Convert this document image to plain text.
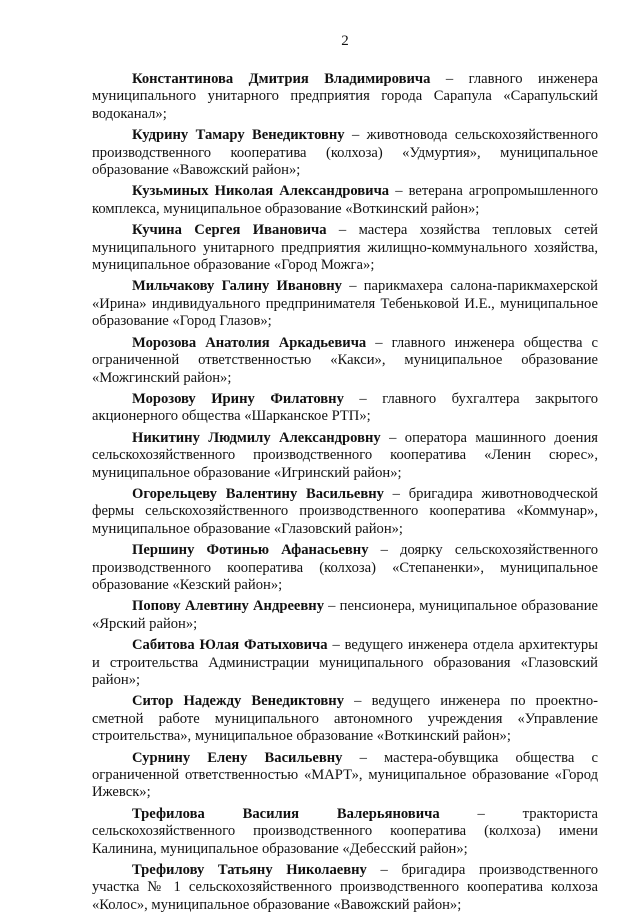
2

Константинова Дмитрия Владимировича – главного инженера муниципального унитарного предприятия города Сарапула «Сарапульский водоканал»;

Кудрину Тамару Венедиктовну – животновода сельскохозяйственного производственного кооператива (колхоза) «Удмуртия», муниципальное образование «Вавожский район»;

Кузьминых Николая Александровича – ветерана агропромышленного комплекса, муниципальное образование «Воткинский район»;

Кучина Сергея Ивановича – мастера хозяйства тепловых сетей муниципального унитарного предприятия жилищно-коммунального хозяйства, муниципальное образование «Город Можга»;

Мильчакову Галину Ивановну – парикмахера салона-парикмахерской «Ирина» индивидуального предпринимателя Тебеньковой И.Е., муниципальное образование «Город Глазов»;

Морозова Анатолия Аркадьевича – главного инженера общества с ограниченной ответственностью «Какси», муниципальное образование «Можгинский район»;

Морозову Ирину Филатовну – главного бухгалтера закрытого акционерного общества «Шарканское РТП»;

Никитину Людмилу Александровну – оператора машинного доения сельскохозяйственного производственного кооператива «Ленин сюрес», муниципальное образование «Игринский район»;

Огорельцеву Валентину Васильевну – бригадира животноводческой фермы сельскохозяйственного производственного кооператива «Коммунар», муниципальное образование «Глазовский район»;

Першину Фотинью Афанасьевну – доярку сельскохозяйственного производственного кооператива (колхоза) «Степаненки», муниципальное образование «Кезский район»;

Попову Алевтину Андреевну – пенсионера, муниципальное образование «Ярский район»;

Сабитова Юлая Фатыховича – ведущего инженера отдела архитектуры и строительства Администрации муниципального образования «Глазовский район»;

Ситор Надежду Венедиктовну – ведущего инженера по проектно-сметной работе муниципального автономного учреждения «Управление строительства», муниципальное образование «Воткинский район»;

Сурнину Елену Васильевну – мастера-обувщика общества с ограниченной ответственностью «МАРТ», муниципальное образование «Город Ижевск»;

Трефилова Василия Валерьяновича – тракториста сельскохозяйственного производственного кооператива (колхоза) имени Калинина, муниципальное образование «Дебесский район»;

Трефилову Татьяну Николаевну – бригадира производственного участка № 1 сельскохозяйственного производственного кооператива колхоза «Колос», муниципальное образование «Вавожский район»;
